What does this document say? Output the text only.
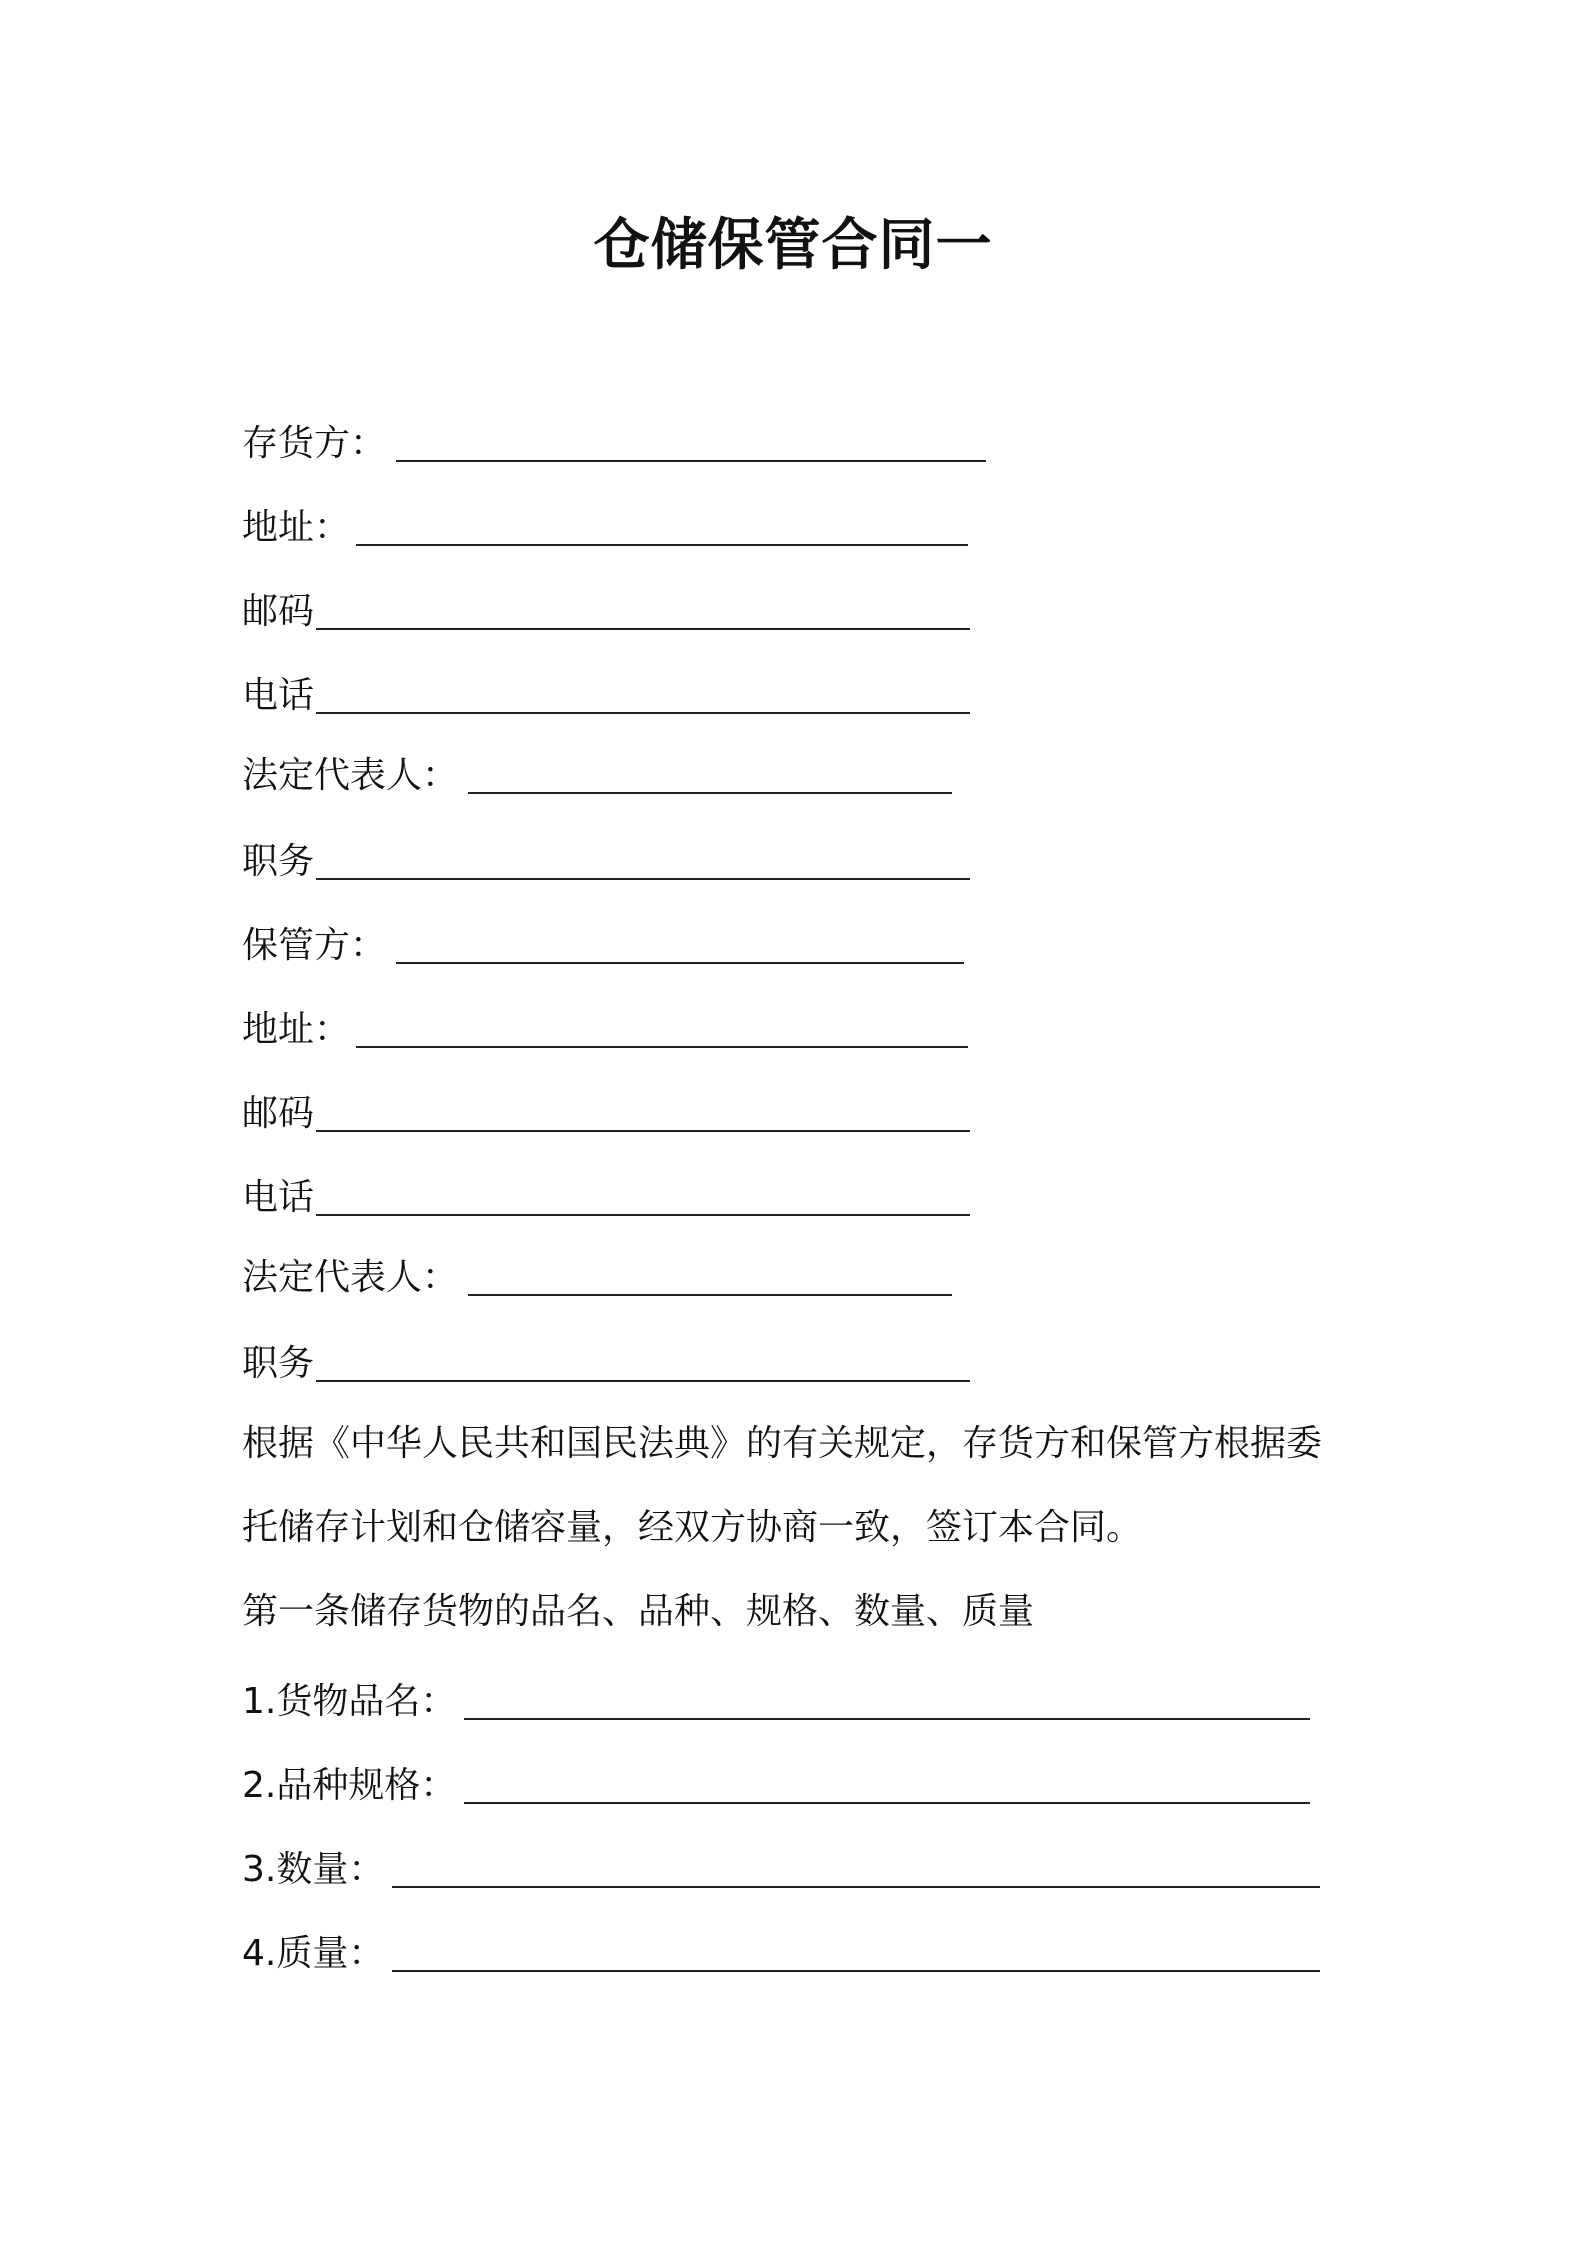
仓储保管合同一
存货方：
地址：
邮码
电话
法定代表人：
职务
保管方：
地址：
邮码
电话
法定代表人：
职务

根据《中华人民共和国民法典》的有关规定，存货方和保管方根据委

托储存计划和仓储容量，经双方协商一致，签订本合同。

第一条储存货物的品名、品种、规格、数量、质量

1.货物品名：
2.品种规格：
3.数量：
4.质量：
